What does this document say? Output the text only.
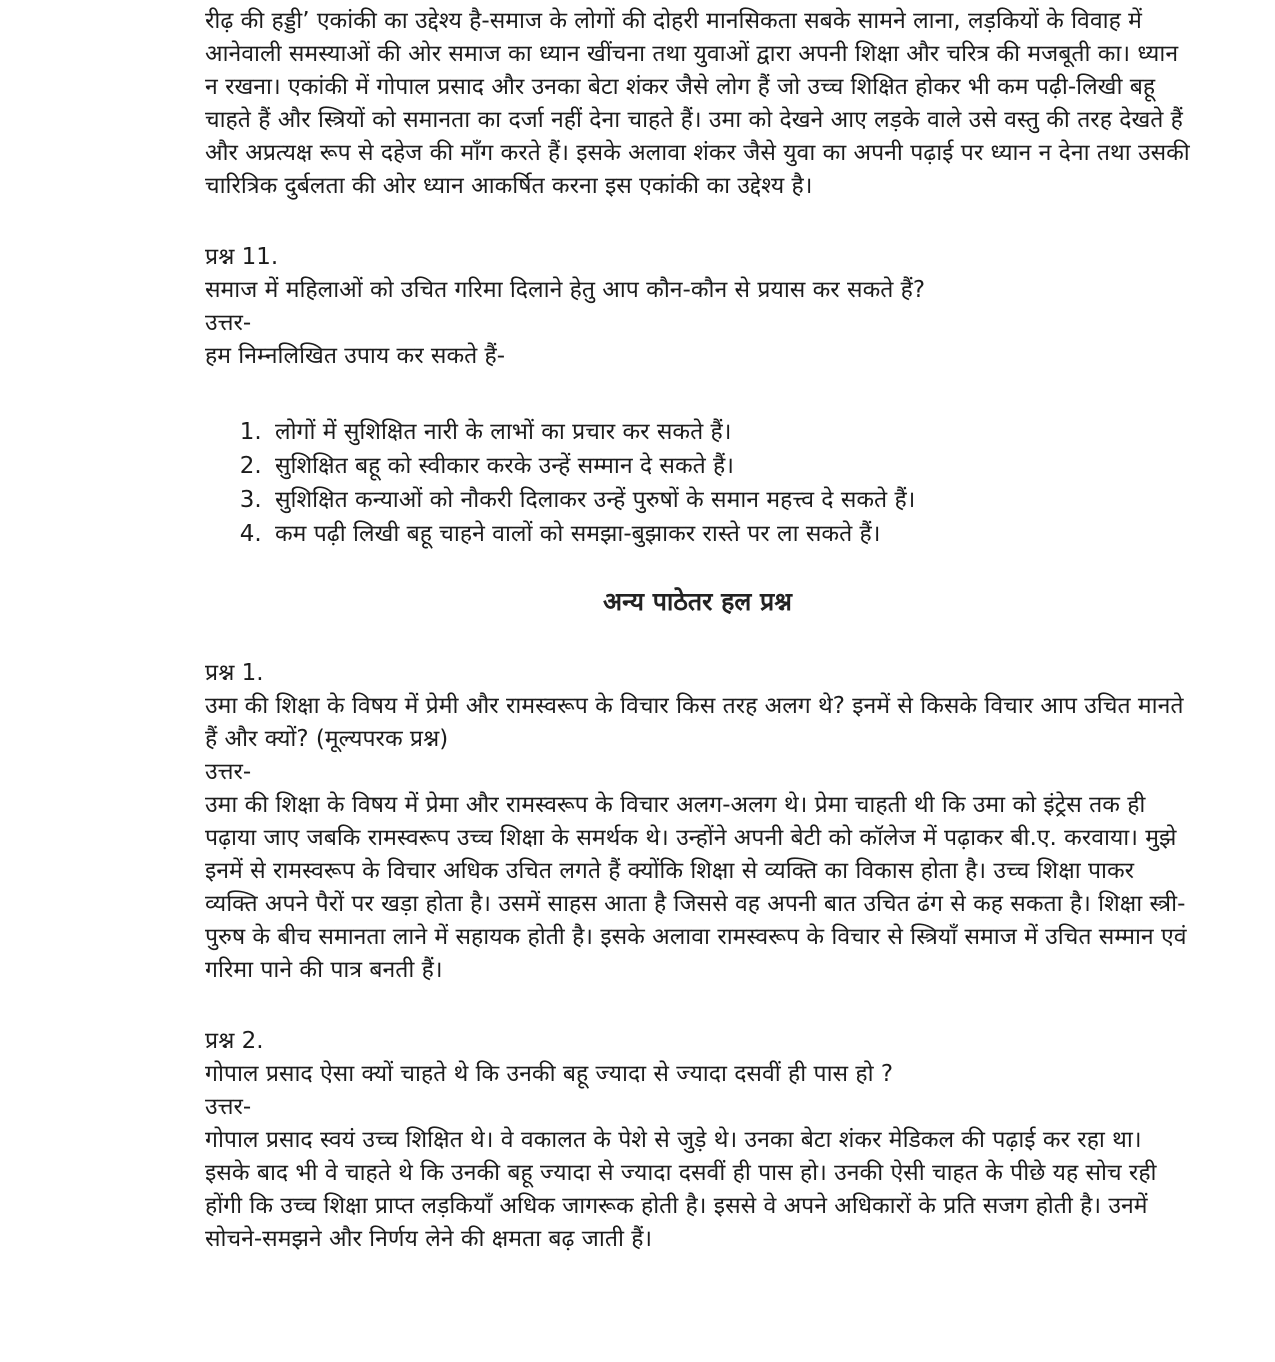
रीढ़ की हड्डी’ एकांकी का उद्देश्य है-समाज के लोगों की दोहरी मानसिकता सबके सामने लाना, लड़कियों के विवाह में आनेवाली समस्याओं की ओर समाज का ध्यान खींचना तथा युवाओं द्वारा अपनी शिक्षा और चरित्र की मजबूती का। ध्यान न रखना। एकांकी में गोपाल प्रसाद और उनका बेटा शंकर जैसे लोग हैं जो उच्च शिक्षित होकर भी कम पढ़ी-लिखी बहू चाहते हैं और स्त्रियों को समानता का दर्जा नहीं देना चाहते हैं। उमा को देखने आए लड़के वाले उसे वस्तु की तरह देखते हैं और अप्रत्यक्ष रूप से दहेज की माँग करते हैं। इसके अलावा शंकर जैसे युवा का अपनी पढ़ाई पर ध्यान न देना तथा उसकी चारित्रिक दुर्बलता की ओर ध्यान आकर्षित करना इस एकांकी का उद्देश्य है।

प्रश्न 11.
समाज में महिलाओं को उचित गरिमा दिलाने हेतु आप कौन-कौन से प्रयास कर सकते हैं?
उत्तर-
हम निम्नलिखित उपाय कर सकते हैं-
1. लोगों में सुशिक्षित नारी के लाभों का प्रचार कर सकते हैं।
2. सुशिक्षित बहू को स्वीकार करके उन्हें सम्मान दे सकते हैं।
3. सुशिक्षित कन्याओं को नौकरी दिलाकर उन्हें पुरुषों के समान महत्त्व दे सकते हैं।
4. कम पढ़ी लिखी बहू चाहने वालों को समझा-बुझाकर रास्ते पर ला सकते हैं।
अन्य पाठेतर हल प्रश्न
प्रश्न 1.
उमा की शिक्षा के विषय में प्रेमी और रामस्वरूप के विचार किस तरह अलग थे? इनमें से किसके विचार आप उचित मानते हैं और क्यों? (मूल्यपरक प्रश्न)
उत्तर-

उमा की शिक्षा के विषय में प्रेमा और रामस्वरूप के विचार अलग-अलग थे। प्रेमा चाहती थी कि उमा को इंट्रेस तक ही पढ़ाया जाए जबकि रामस्वरूप उच्च शिक्षा के समर्थक थे। उन्होंने अपनी बेटी को कॉलेज में पढ़ाकर बी.ए. करवाया। मुझे इनमें से रामस्वरूप के विचार अधिक उचित लगते हैं क्योंकि शिक्षा से व्यक्ति का विकास होता है। उच्च शिक्षा पाकर व्यक्ति अपने पैरों पर खड़ा होता है। उसमें साहस आता है जिससे वह अपनी बात उचित ढंग से कह सकता है। शिक्षा स्त्री-पुरुष के बीच समानता लाने में सहायक होती है। इसके अलावा रामस्वरूप के विचार से स्त्रियाँ समाज में उचित सम्मान एवं गरिमा पाने की पात्र बनती हैं।

प्रश्न 2.
गोपाल प्रसाद ऐसा क्यों चाहते थे कि उनकी बहू ज्यादा से ज्यादा दसवीं ही पास हो ?
उत्तर-

गोपाल प्रसाद स्वयं उच्च शिक्षित थे। वे वकालत के पेशे से जुड़े थे। उनका बेटा शंकर मेडिकल की पढ़ाई कर रहा था। इसके बाद भी वे चाहते थे कि उनकी बहू ज्यादा से ज्यादा दसवीं ही पास हो। उनकी ऐसी चाहत के पीछे यह सोच रही होंगी कि उच्च शिक्षा प्राप्त लड़कियाँ अधिक जागरूक होती है। इससे वे अपने अधिकारों के प्रति सजग होती है। उनमें सोचने-समझने और निर्णय लेने की क्षमता बढ़ जाती हैं।
